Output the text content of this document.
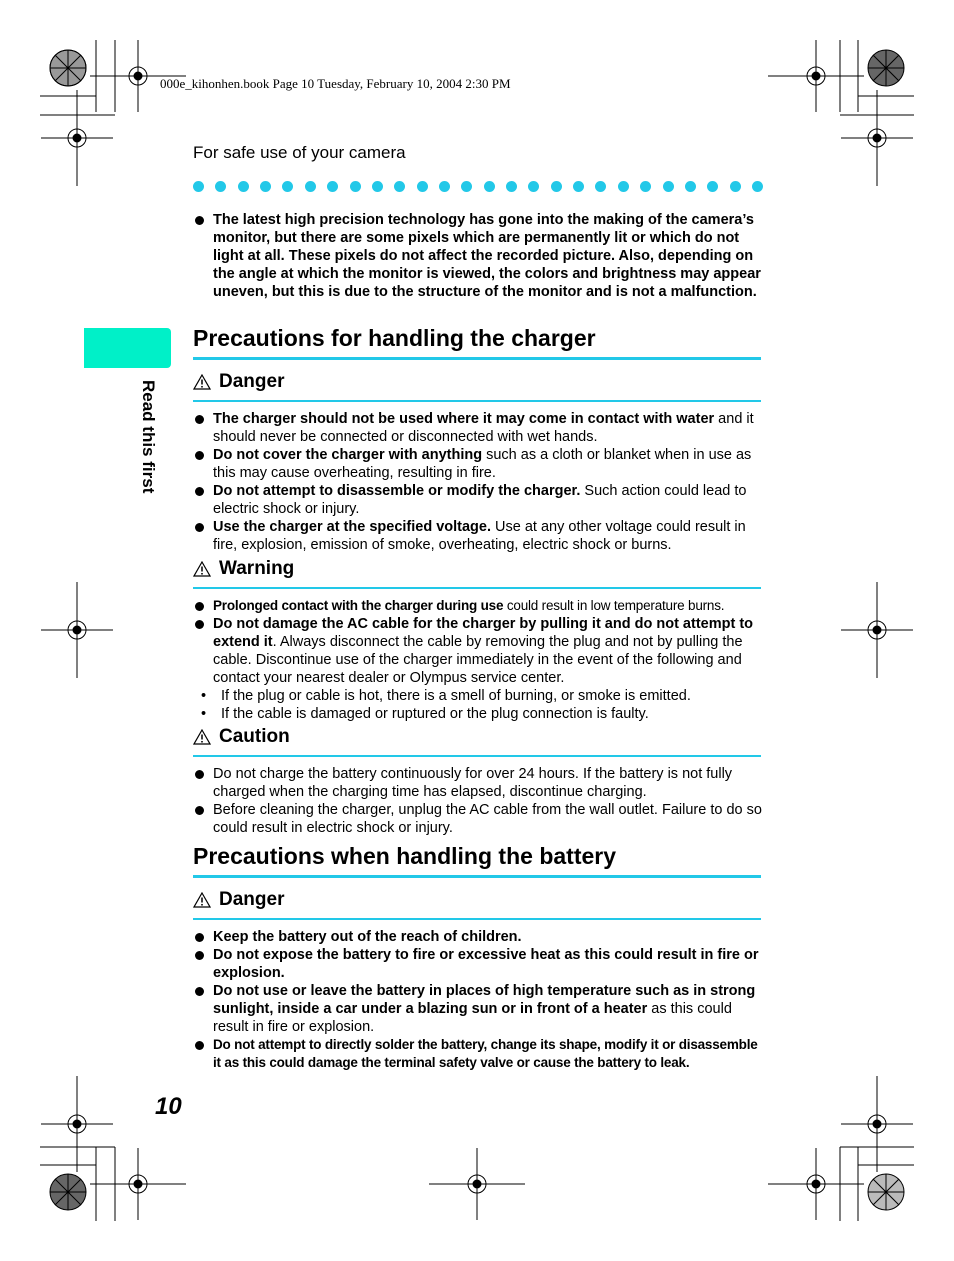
000e_kihonhen.book Page 10 Tuesday, February 10, 2004 2:30 PM
For safe use of your camera
Read this first
The latest high precision technology has gone into the making of the camera’s monitor, but there are some pixels which are permanently lit or which do not light at all. These pixels do not affect the recorded picture. Also, depending on the angle at which the monitor is viewed, the colors and brightness may appear uneven, but this is due to the structure of the monitor and is not a malfunction.
Precautions for handling the charger
Danger
The charger should not be used where it may come in contact with water and it should never be connected or disconnected with wet hands.
Do not cover the charger with anything such as a cloth or blanket when in use as this may cause overheating, resulting in fire.
Do not attempt to disassemble or modify the charger. Such action could lead to electric shock or injury.
Use the charger at the specified voltage. Use at any other voltage could result in fire, explosion, emission of smoke, overheating, electric shock or burns.
Warning
Prolonged contact with the charger during use could result in low temperature burns.
Do not damage the AC cable for the charger by pulling it and do not attempt to extend it. Always disconnect the cable by removing the plug and not by pulling the cable. Discontinue use of the charger immediately in the event of the following and contact your nearest dealer or Olympus service center.
• If the plug or cable is hot, there is a smell of burning, or smoke is emitted.
• If the cable is damaged or ruptured or the plug connection is faulty.
Caution
Do not charge the battery continuously for over 24 hours. If the battery is not fully charged when the charging time has elapsed, discontinue charging.
Before cleaning the charger, unplug the AC cable from the wall outlet. Failure to do so could result in electric shock or injury.
Precautions when handling the battery
Danger
Keep the battery out of the reach of children.
Do not expose the battery to fire or excessive heat as this could result in fire or explosion.
Do not use or leave the battery in places of high temperature such as in strong sunlight, inside a car under a blazing sun or in front of a heater as this could result in fire or explosion.
Do not attempt to directly solder the battery, change its shape, modify it or disassemble it as this could damage the terminal safety valve or cause the battery to leak.
10
